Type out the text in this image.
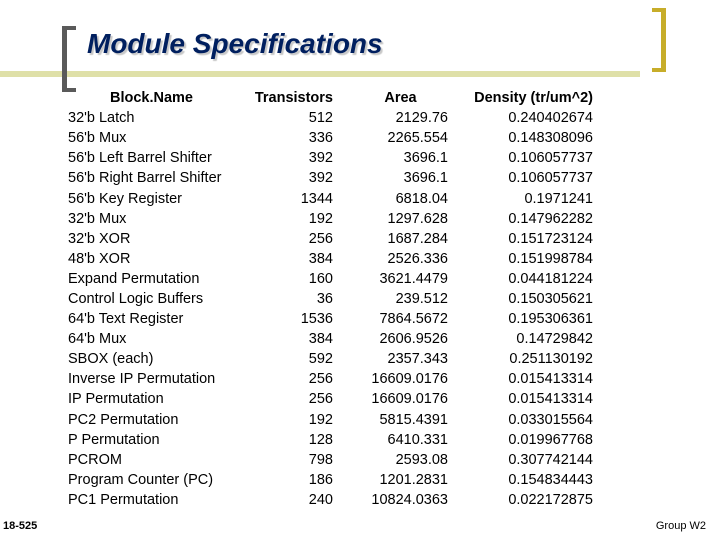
Module Specifications
Block.Name	Transistors	Area	Density (tr/um^2)
32'b Latch	512	2129.76	0.240402674
56'b Mux	336	2265.554	0.148308096
56'b Left Barrel Shifter	392	3696.1	0.106057737
56'b Right Barrel Shifter	392	3696.1	0.106057737
56'b Key Register	1344	6818.04	0.1971241
32'b Mux	192	1297.628	0.147962282
32'b XOR	256	1687.284	0.151723124
48'b XOR	384	2526.336	0.151998784
Expand Permutation	160	3621.4479	0.044181224
Control Logic Buffers	36	239.512	0.150305621
64'b Text Register	1536	7864.5672	0.195306361
64'b Mux	384	2606.9526	0.14729842
SBOX (each)	592	2357.343	0.251130192
Inverse IP Permutation	256	16609.0176	0.015413314
IP Permutation	256	16609.0176	0.015413314
PC2 Permutation	192	5815.4391	0.033015564
P Permutation	128	6410.331	0.019967768
PCROM	798	2593.08	0.307742144
Program Counter (PC)	186	1201.2831	0.154834443
PC1 Permutation	240	10824.0363	0.022172875
18-525	Group W2
